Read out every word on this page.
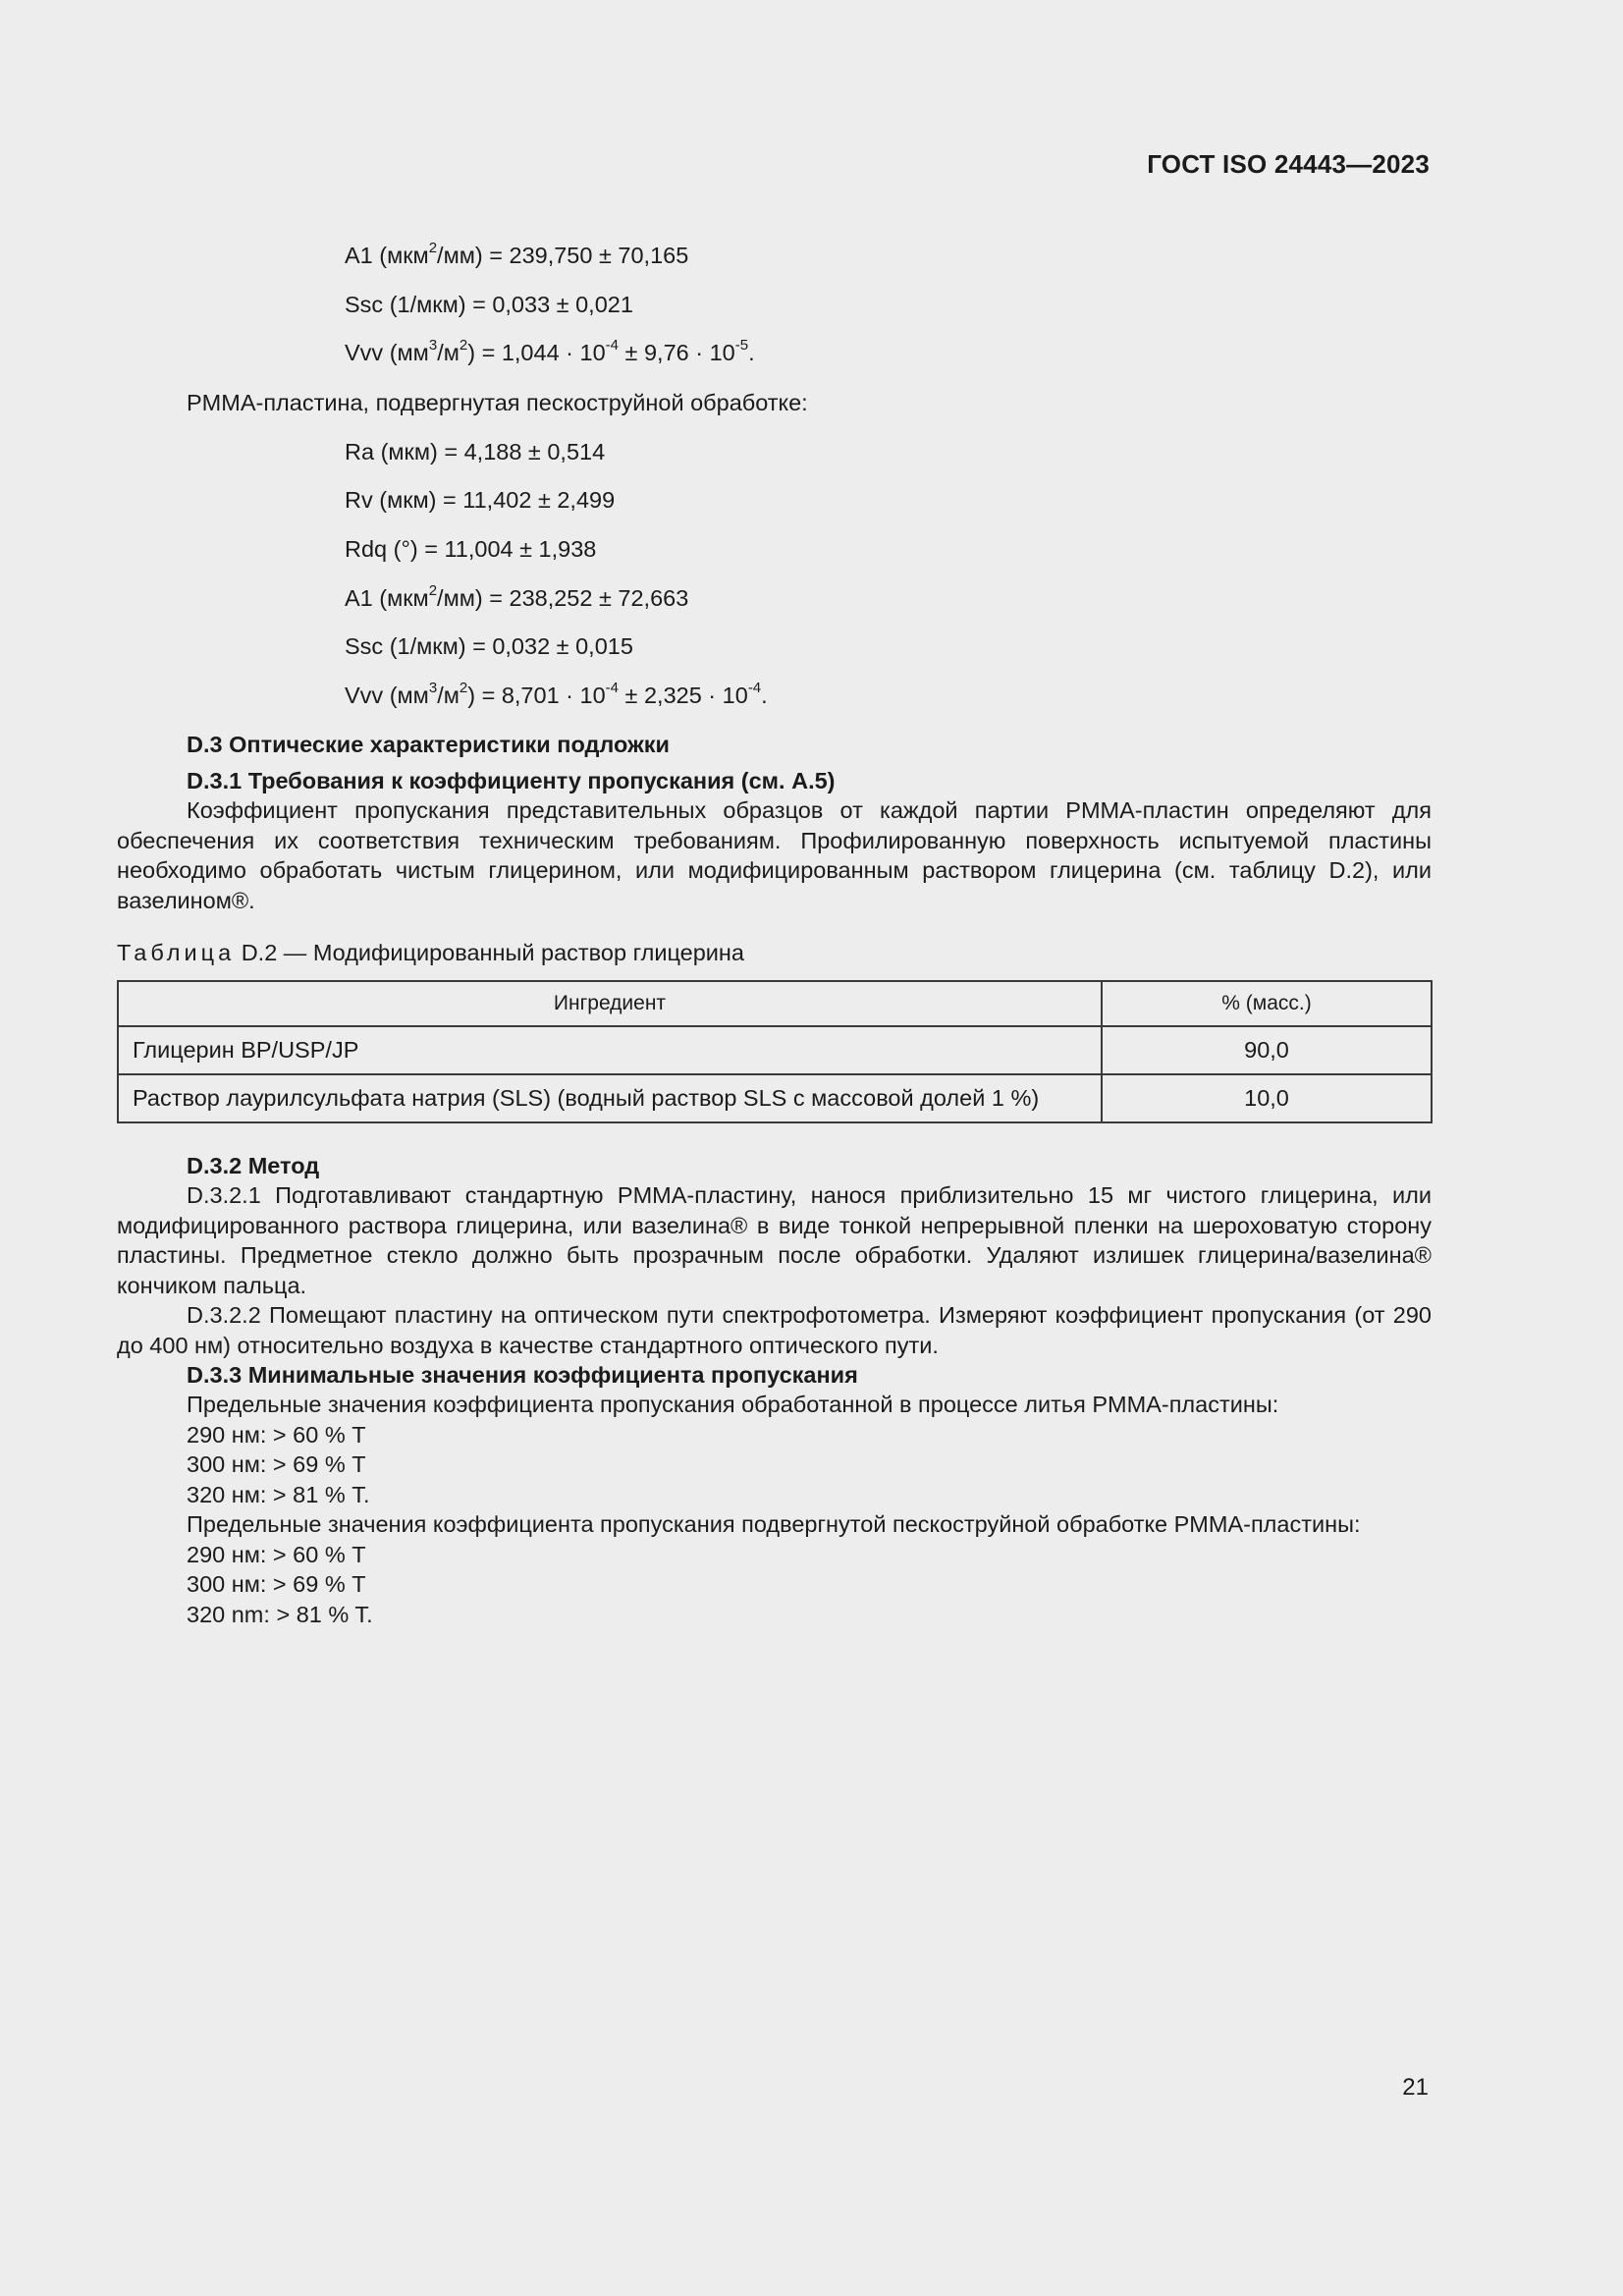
ГОСТ ISO 24443—2023
A1 (мкм$^2$/мм) = 239,750 ± 70,165
Ssc (1/мкм) = 0,033 ± 0,021
Vvv $(мм^3/м^2) = 1,044 \cdot 10^{-4} \pm 9,76 \cdot 10^{-5}$.
PMMA-пластина, подвергнутая пескоструйной обработке:
Ra (мкм) = 4,188 ± 0,514
Rv (мкм) = 11,402 ± 2,499
Rdq (°) = 11,004 ± 1,938
A1 (мкм$^2$/мм) = 238,252 ± 72,663
Ssc (1/мкм) = 0,032 ± 0,015
Vvv $(мм^3/м^2) = 8,701 \cdot 10^{-4} \pm 2,325 \cdot 10^{-4}$.
D.3 Оптические характеристики подложки
D.3.1 Требования к коэффициенту пропускания (см. А.5)
Коэффициент пропускания представительных образцов от каждой партии PMMA-пластин определяют для обеспечения их соответствия техническим требованиям. Профилированную поверхность испытуемой пластины необходимо обработать чистым глицерином, или модифицированным раствором глицерина (см. таблицу D.2), или вазелином®.
Таблица D.2 — Модифицированный раствор глицерина
Ингредиент	% (масс.)
Глицерин BP/USP/JP	90,0
Раствор лаурилсульфата натрия (SLS) (водный раствор SLS с массовой долей 1 %)	10,0
D.3.2 Метод
D.3.2.1 Подготавливают стандартную PMMA-пластину, нанося приблизительно 15 мг чистого глицерина, или модифицированного раствора глицерина, или вазелина® в виде тонкой непрерывной пленки на шероховатую сторону пластины. Предметное стекло должно быть прозрачным после обработки. Удаляют излишек глицерина/вазелина® кончиком пальца.
D.3.2.2 Помещают пластину на оптическом пути спектрофотометра. Измеряют коэффициент пропускания (от 290 до 400 нм) относительно воздуха в качестве стандартного оптического пути.
D.3.3 Минимальные значения коэффициента пропускания
Предельные значения коэффициента пропускания обработанной в процессе литья PMMA-пластины:
290 нм: > 60 % T
300 нм: > 69 % T
320 нм: > 81 % T.
Предельные значения коэффициента пропускания подвергнутой пескоструйной обработке PMMA-пластины:
290 нм: > 60 % T
300 нм: > 69 % T
320 nm: > 81 % T.
21
